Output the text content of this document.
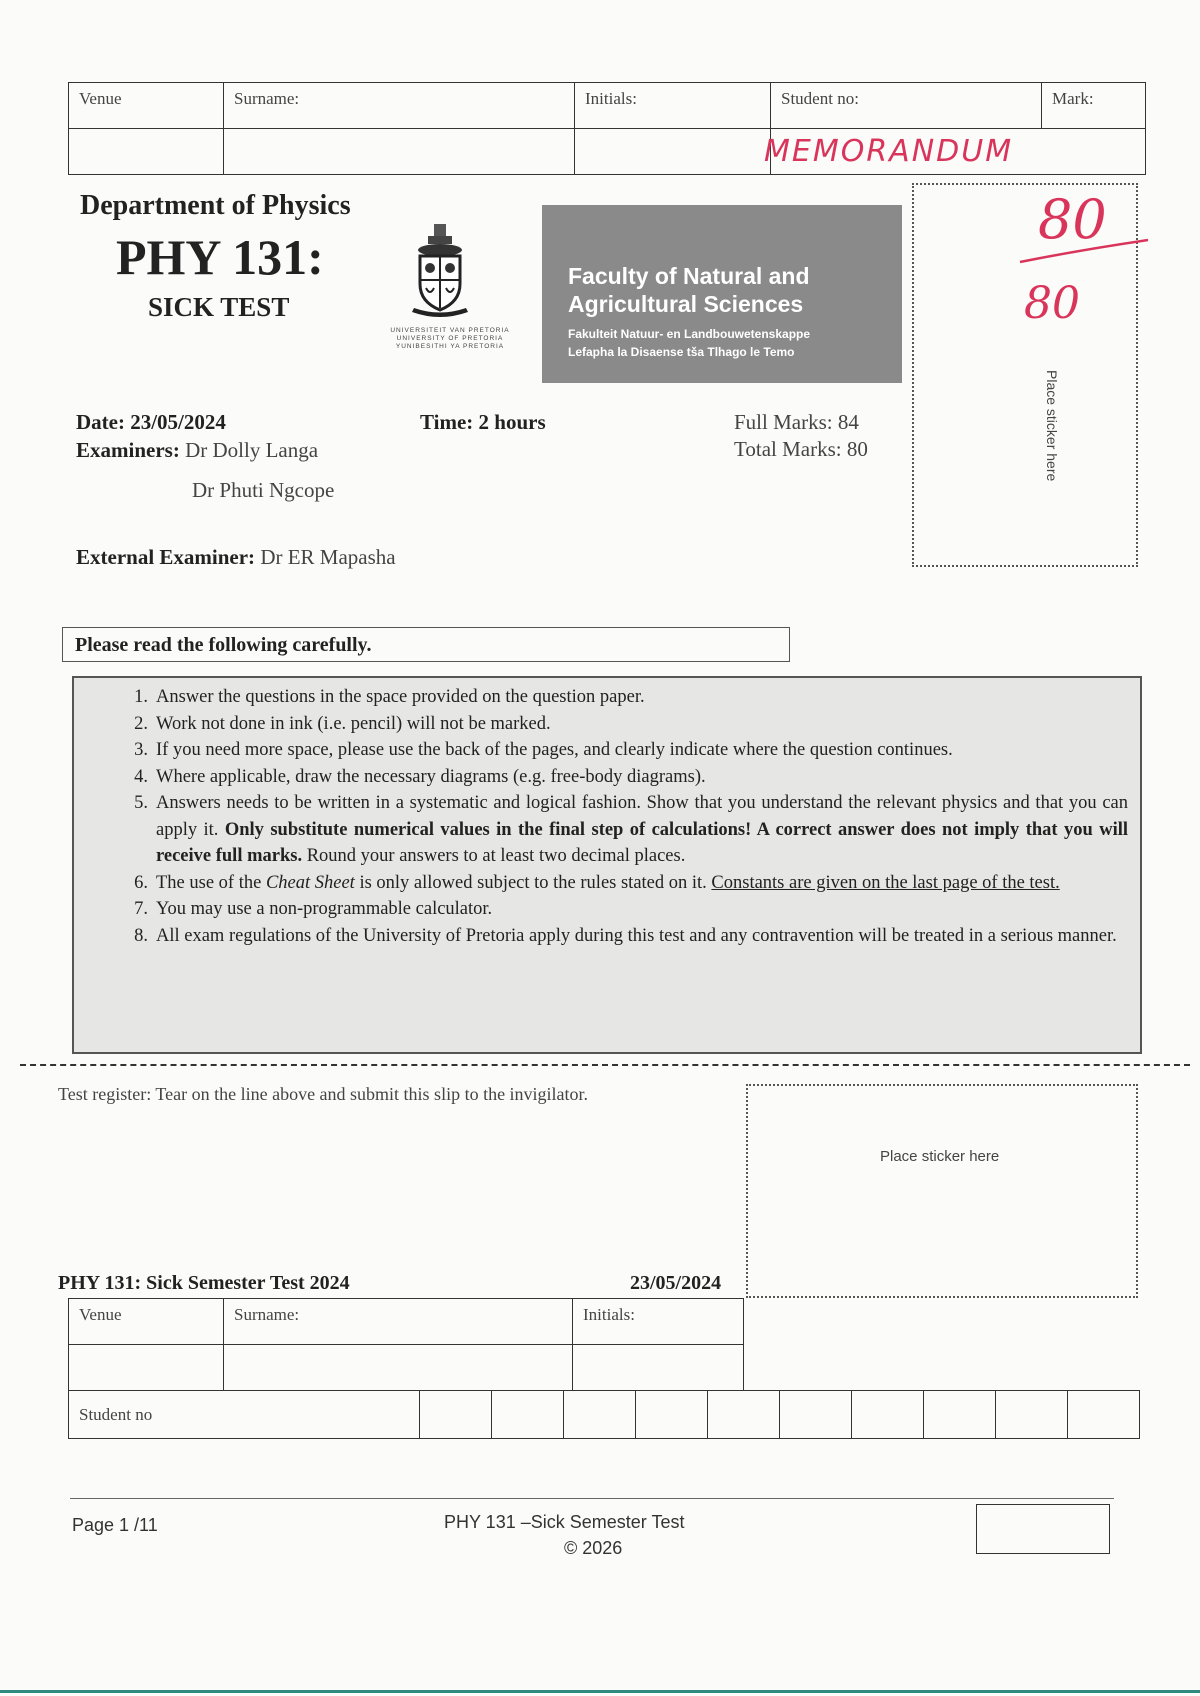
Venue	Surname:	Initials:	Student no:	Mark:

MEMORANDUM
Department of Physics
PHY 131:
SICK TEST
UNIVERSITEIT VAN PRETORIA
UNIVERSITY OF PRETORIA
YUNIBESITHI YA PRETORIA
Faculty of Natural and
Agricultural Sciences
Fakulteit Natuur- en Landbouwetenskappe
Lefapha la Disaense tša Tlhago le Temo
Place sticker here
80
80
Date: 23/05/2024	Time: 2 hours	Full Marks: 84
Total Marks: 80
Examiners: Dr Dolly Langa
Dr Phuti Ngcope
External Examiner: Dr ER Mapasha
Please read the following carefully.
1. Answer the questions in the space provided on the question paper.
2. Work not done in ink (i.e. pencil) will not be marked.
3. If you need more space, please use the back of the pages, and clearly indicate where the question continues.
4. Where applicable, draw the necessary diagrams (e.g. free-body diagrams).
5. Answers needs to be written in a systematic and logical fashion. Show that you understand the relevant physics and that you can apply it. Only substitute numerical values in the final step of calculations! A correct answer does not imply that you will receive full marks. Round your answers to at least two decimal places.
6. The use of the Cheat Sheet is only allowed subject to the rules stated on it. Constants are given on the last page of the test.
7. You may use a non-programmable calculator.
8. All exam regulations of the University of Pretoria apply during this test and any contravention will be treated in a serious manner.
Test register: Tear on the line above and submit this slip to the invigilator.
Place sticker here
PHY 131: Sick Semester Test 2024	23/05/2024
Venue	Surname:	Initials:

Student no										
Page 1 /11	PHY 131 –Sick Semester Test
© 2026
